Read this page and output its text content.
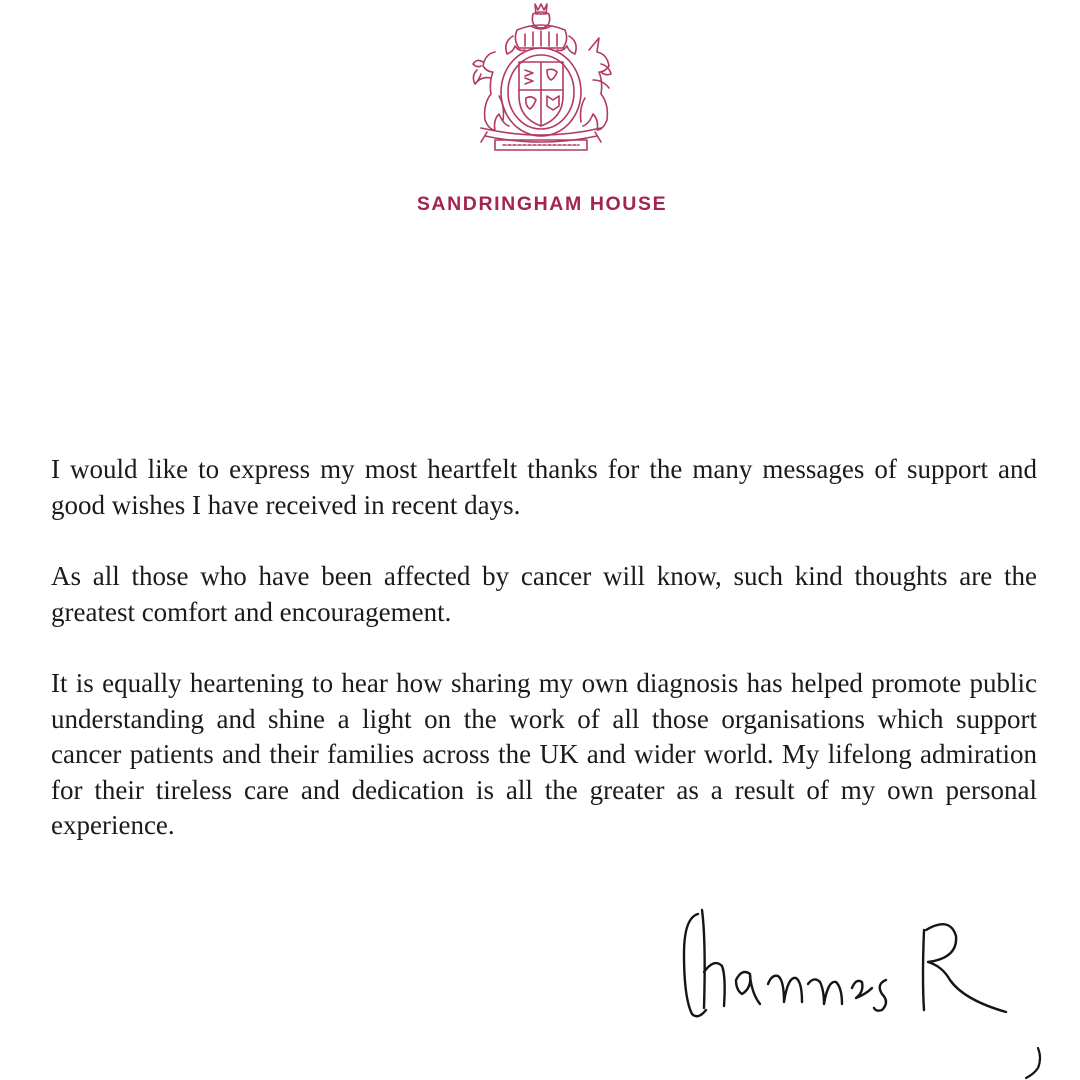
SANDRINGHAM HOUSE

I would like to express my most heartfelt thanks for the many messages of support and good wishes I have received in recent days.

As all those who have been affected by cancer will know, such kind thoughts are the greatest comfort and encouragement.

It is equally heartening to hear how sharing my own diagnosis has helped promote public understanding and shine a light on the work of all those organisations which support cancer patients and their families across the UK and wider world. My lifelong admiration for their tireless care and dedication is all the greater as a result of my own personal experience.
